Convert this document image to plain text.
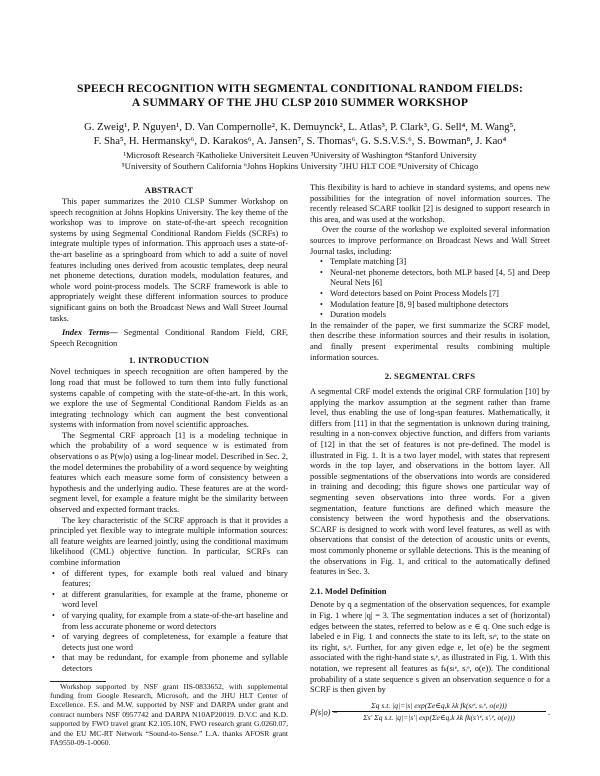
SPEECH RECOGNITION WITH SEGMENTAL CONDITIONAL RANDOM FIELDS:
A SUMMARY OF THE JHU CLSP 2010 SUMMER WORKSHOP
G. Zweig¹, P. Nguyen¹, D. Van Compernolle², K. Demuynck², L. Atlas³, P. Clark³, G. Sell⁴, M. Wang⁵,
F. Sha⁵, H. Hermansky⁶, D. Karakos⁶, A. Jansen⁷, S. Thomas⁶, G. S.S.V.S.⁶, S. Bowman⁸, J. Kao⁴
¹Microsoft Research ²Katholieke Universiteit Leuven ³University of Washington ⁴Stanford University
⁵University of Southern California ⁶Johns Hopkins University ⁷JHU HLT COE ⁸University of Chicago
ABSTRACT

This paper summarizes the 2010 CLSP Summer Workshop on speech recognition at Johns Hopkins University. The key theme of the workshop was to improve on state-of-the-art speech recognition systems by using Segmental Conditional Random Fields (SCRFs) to integrate multiple types of information. This approach uses a state-of-the-art baseline as a springboard from which to add a suite of novel features including ones derived from acoustic templates, deep neural net phoneme detections, duration models, modulation features, and whole word point-process models. The SCRF framework is able to appropriately weight these different information sources to produce significant gains on both the Broadcast News and Wall Street Journal tasks.

Index Terms— Segmental Conditional Random Field, CRF, Speech Recognition

1. INTRODUCTION

Novel techniques in speech recognition are often hampered by the long road that must be followed to turn them into fully functional systems capable of competing with the state-of-the-art. In this work, we explore the use of Segmental Conditional Random Fields as an integrating technology which can augment the best conventional systems with information from novel scientific approaches.

The Segmental CRF approach [1] is a modeling technique in which the probability of a word sequence w is estimated from observations o as P(w|o) using a log-linear model. Described in Sec. 2, the model determines the probability of a word sequence by weighting features which each measure some form of consistency between a hypothesis and the underlying audio. These features are at the word-segment level, for example a feature might be the similarity between observed and expected formant tracks.

The key characteristic of the SCRF approach is that it provides a principled yet flexible way to integrate multiple information sources: all feature weights are learned jointly, using the conditional maximum likelihood (CML) objective function. In particular, SCRFs can combine information

• of different types, for example both real valued and binary features;
• at different granularities, for example at the frame, phoneme or word level
• of varying quality, for example from a state-of-the-art baseline and from less accurate phoneme or word detectors
• of varying degrees of completeness, for example a feature that detects just one word
• that may be redundant, for example from phoneme and syllable detectors

Workshop supported by NSF grant IIS-0833652, with supplemental funding from Google Research, Microsoft, and the JHU HLT Center of Excellence. F.S. and M.W. supported by NSF and DARPA under grant and contract numbers NSF 0957742 and DARPA N10AP20019. D.V.C and K.D. supported by FWO travel grant K2.105.10N, FWO research grant G.0260.07, and the EU MC-RT Network “Sound-to-Sense.” L.A. thanks AFOSR grant FA9550-09-1-0060.

This flexibility is hard to achieve in standard systems, and opens new possibilities for the integration of novel information sources. The recently released SCARF toolkit [2] is designed to support research in this area, and was used at the workshop.

Over the course of the workshop we exploited several information sources to improve performance on Broadcast News and Wall Street Journal tasks, including:

• Template matching [3]
• Neural-net phoneme detectors, both MLP based [4, 5] and Deep Neural Nets [6]
• Word detectors based on Point Process Models [7]
• Modulation feature [8, 9] based multiphone detectors
• Duration models

In the remainder of the paper, we first summarize the SCRF model, then describe these information sources and their results in isolation, and finally present experimental results combining multiple information sources.

2. SEGMENTAL CRFS

A segmental CRF model extends the original CRF formulation [10] by applying the markov assumption at the segment rather than frame level, thus enabling the use of long-span features. Mathematically, it differs from [11] in that the segmentation is unknown during training, resulting in a non-convex objective function, and differs from variants of [12] in that the set of features is not pre-defined. The model is illustrated in Fig. 1. It is a two layer model, with states that represent words in the top layer, and observations in the bottom layer. All possible segmentations of the observations into words are considered in training and decoding; this figure shows one particular way of segmenting seven observations into three words. For a given segmentation, feature functions are defined which measure the consistency between the word hypothesis and the observations. SCARF is designed to work with word level features, as well as with observations that consist of the detection of acoustic units or events, most commonly phoneme or syllable detections. This is the meaning of the observations in Fig. 1, and critical to the automatically defined features in Sec. 3.

2.1. Model Definition

Denote by q a segmentation of the observation sequences, for example in Fig. 1 where |q| = 3. The segmentation induces a set of (horizontal) edges between the states, referred to below as e ∈ q. One such edge is labeled e in Fig. 1 and connects the state to its left, sₗᵉ, to the state on its right, sᵣᵉ. Further, for any given edge e, let o(e) be the segment associated with the right-hand state sᵣᵉ, as illustrated in Fig. 1. With this notation, we represent all features as fₖ(sₗᵉ, sᵣᵉ, o(e)). The conditional probability of a state sequence s given an observation sequence o for a SCRF is then given by

P(s|o) =
Σq s.t. |q|=|s| exp(Σe∈q,k λk fk(sₗᵉ, sᵣᵉ, o(e)))
Σs′ Σq s.t. |q|=|s′| exp(Σe∈q,k λk fk(s′ₗᵉ, s′ᵣᵉ, o(e)))
.
